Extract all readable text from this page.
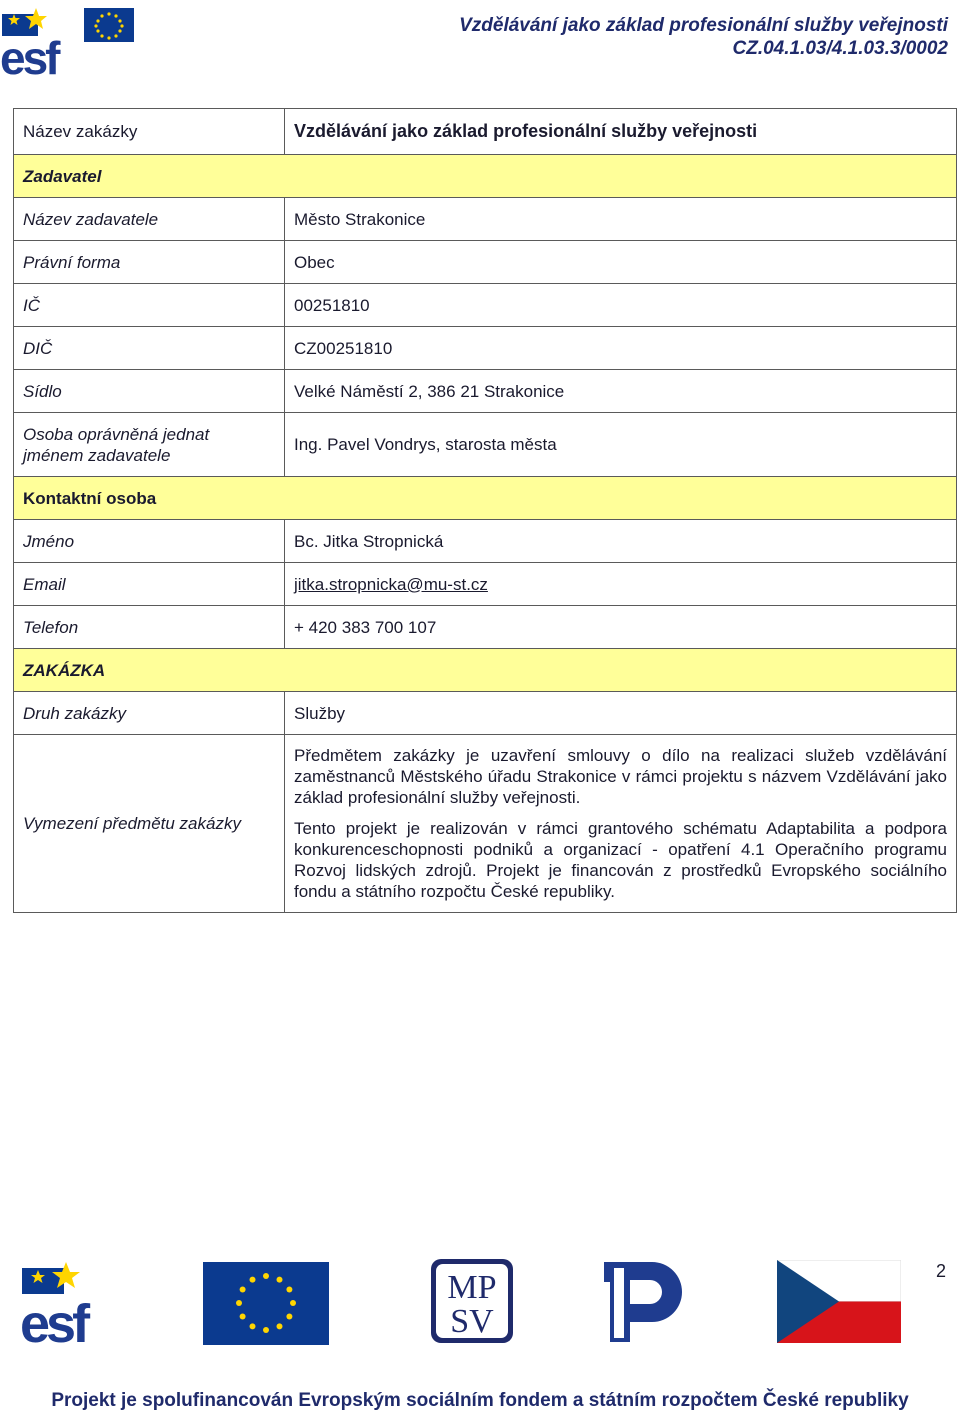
esf
Vzdělávání jako základ profesionální služby veřejnosti
CZ.04.1.03/4.1.03.3/0002
Název zakázky	Vzdělávání jako základ profesionální služby veřejnosti
Zadavatel	
Název zadavatele	Město Strakonice
Právní forma	Obec
IČ	00251810
DIČ	CZ00251810
Sídlo	Velké Náměstí 2, 386 21 Strakonice

Osoba oprávněná jednat
jménem zadavatele	Ing. Pavel Vondrys, starosta města
Kontaktní osoba	
Jméno	Bc. Jitka Stropnická
Email	jitka.stropnicka@mu-st.cz
Telefon	+ 420 383 700 107
ZAKÁZKA	
Druh zakázky	Služby
Vymezení předmětu zakázky	Předmětem zakázky je uzavření smlouvy o dílo na realizaci služeb vzdělávání zaměstnanců Městského úřadu Strakonice v rámci projektu s názvem Vzdělávání jako základ profesionální služby veřejnosti.

Tento projekt je realizován v rámci grantového schématu Adaptabilita a podpora konkurenceschopnosti podniků a organizací - opatření 4.1 Operačního programu Rozvoj lidských zdrojů. Projekt je financován z prostředků Evropského sociálního fondu a státního rozpočtu České republiky.

esf
MP
SV
2
Projekt je spolufinancován Evropským sociálním fondem a státním rozpočtem České republiky
